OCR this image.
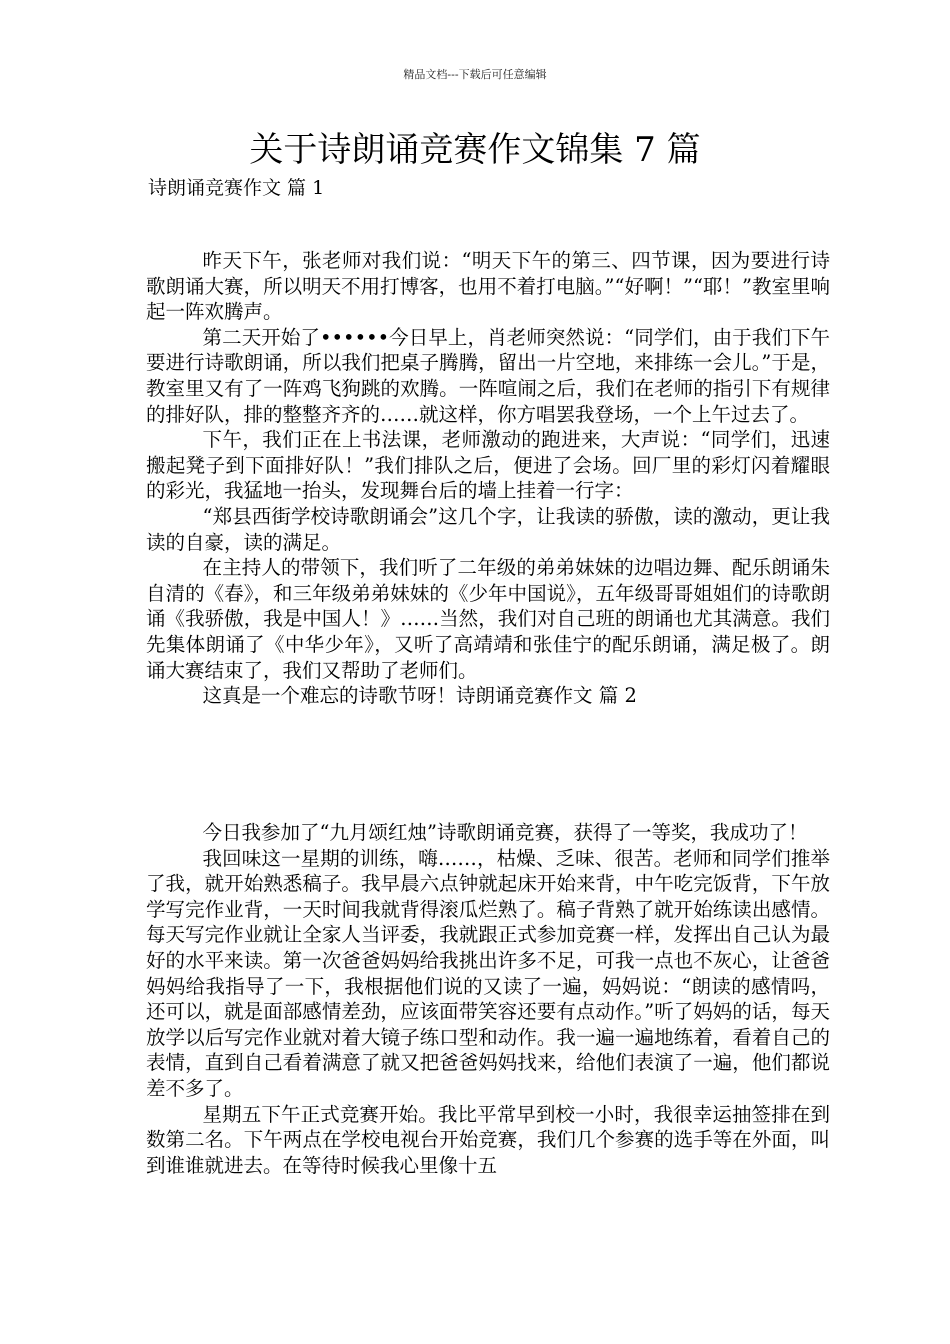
精品文档---下载后可任意编辑
关于诗朗诵竞赛作文锦集 7 篇
诗朗诵竞赛作文 篇 1

昨天下午，张老师对我们说：“明天下午的第三、四节课，因为要进行诗歌朗诵大赛，所以明天不用打博客，也用不着打电脑。”“好啊！”“耶！”教室里响起一阵欢腾声。

第二天开始了••••••今日早上，肖老师突然说：“同学们，由于我们下午要进行诗歌朗诵，所以我们把桌子腾腾，留出一片空地，来排练一会儿。”于是，教室里又有了一阵鸡飞狗跳的欢腾。一阵喧闹之后，我们在老师的指引下有规律的排好队，排的整整齐齐的……就这样，你方唱罢我登场，一个上午过去了。

下午，我们正在上书法课，老师激动的跑进来，大声说：“同学们，迅速搬起凳子到下面排好队！”我们排队之后，便进了会场。回厂里的彩灯闪着耀眼的彩光，我猛地一抬头，发现舞台后的墙上挂着一行字：

“郑县西街学校诗歌朗诵会”这几个字，让我读的骄傲，读的激动，更让我读的自豪，读的满足。

在主持人的带领下，我们听了二年级的弟弟妹妹的边唱边舞、配乐朗诵朱自清的《春》，和三年级弟弟妹妹的《少年中国说》，五年级哥哥姐姐们的诗歌朗诵《我骄傲，我是中国人！》……当然，我们对自己班的朗诵也尤其满意。我们先集体朗诵了《中华少年》，又听了高靖靖和张佳宁的配乐朗诵，满足极了。朗诵大赛结束了，我们又帮助了老师们。

这真是一个难忘的诗歌节呀！诗朗诵竞赛作文 篇 2

今日我参加了“九月颂红烛”诗歌朗诵竞赛，获得了一等奖，我成功了！

我回味这一星期的训练，嗨……，枯燥、乏味、很苦。老师和同学们推举了我，就开始熟悉稿子。我早晨六点钟就起床开始来背，中午吃完饭背，下午放学写完作业背，一天时间我就背得滚瓜烂熟了。稿子背熟了就开始练读出感情。每天写完作业就让全家人当评委，我就跟正式参加竞赛一样，发挥出自己认为最好的水平来读。第一次爸爸妈妈给我挑出许多不足，可我一点也不灰心，让爸爸妈妈给我指导了一下，我根据他们说的又读了一遍，妈妈说：“朗读的感情吗，还可以，就是面部感情差劲，应该面带笑容还要有点动作。”听了妈妈的话，每天放学以后写完作业就对着大镜子练口型和动作。我一遍一遍地练着，看着自己的表情，直到自己看着满意了就又把爸爸妈妈找来，给他们表演了一遍，他们都说差不多了。

星期五下午正式竞赛开始。我比平常早到校一小时，我很幸运抽签排在到数第二名。下午两点在学校电视台开始竞赛，我们几个参赛的选手等在外面，叫到谁谁就进去。在等待时候我心里像十五
